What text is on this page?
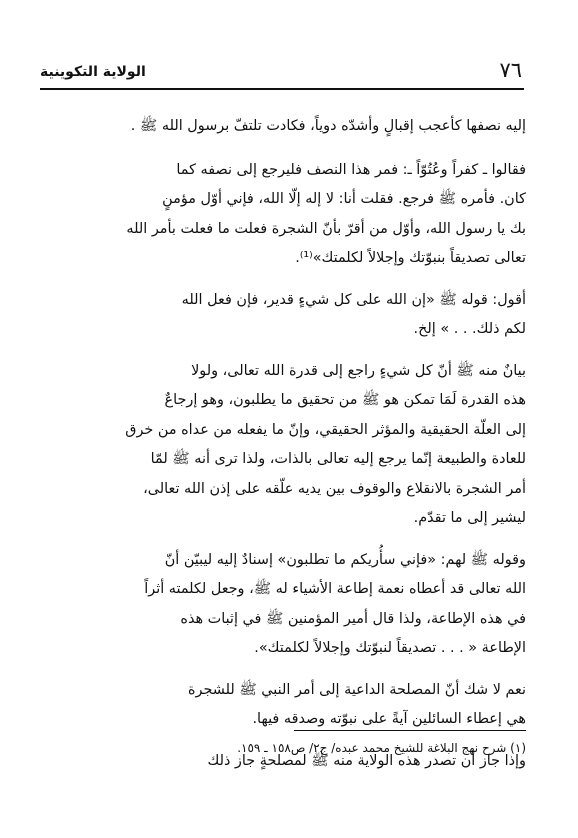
٧٦
الولاية التكوينية

إليه نصفها كأعجب إقبالٍ وأشدّه دوياً، فكادت تلتفّ برسول الله ﷺ .

فقالوا ـ كفراً وعُتُوّاً ـ: فمر هذا النصف فليرجع إلى نصفه كما
كان. فأمره ﷺ فرجع. فقلت أنا: لا إله إلّا الله، فإني أوّل مؤمنٍ
بك يا رسول الله، وأوّل من أقرّ بأنّ الشجرة فعلت ما فعلت بأمر الله
تعالى تصديقاً بنبوّتك وإجلالاً لكلمتك»⁽¹⁾.

أقول: قوله ﷺ «إن الله على كل شيءٍ قدير، فإن فعل الله
لكم ذلك. . . » إلخ.

بيانٌ منه ﷺ أنّ كل شيءٍ راجع إلى قدرة الله تعالى، ولولا
هذه القدرة لَمَا تمكن هو ﷺ من تحقيق ما يطلبون، وهو إرجاعٌ
إلى العلّة الحقيقية والمؤثر الحقيقي، وإنّ ما يفعله من عداه من خرق
للعادة والطبيعة إنّما يرجع إليه تعالى بالذات، ولذا ترى أنه ﷺ لمّا
أمر الشجرة بالانقلاع والوقوف بين يديه علّقه على إذن الله تعالى،
ليشير إلى ما تقدّم.

وقوله ﷺ لهم: «فإني سأُريكم ما تطلبون» إسنادٌ إليه ليبيّن أنّ
الله تعالى قد أعطاه نعمة إطاعة الأشياء له ﷺ، وجعل لكلمته أثراً
في هذه الإطاعة، ولذا قال أمير المؤمنين ﷺ في إثبات هذه
الإطاعة « . . . تصديقاً لنبوّتك وإجلالاً لكلمتك».

نعم لا شك أنّ المصلحة الداعية إلى أمر النبي ﷺ للشجرة
هي إعطاء السائلين آيةً على نبوّته وصدقه فيها.

وإذا جاز أن تصدر هذه الولاية منه ﷺ لمصلحةٍ جاز ذلك

(١) شرح نهج البلاغة للشيخ محمد عبده/ ج٢/ ص١٥٨ ـ ١٥٩.
